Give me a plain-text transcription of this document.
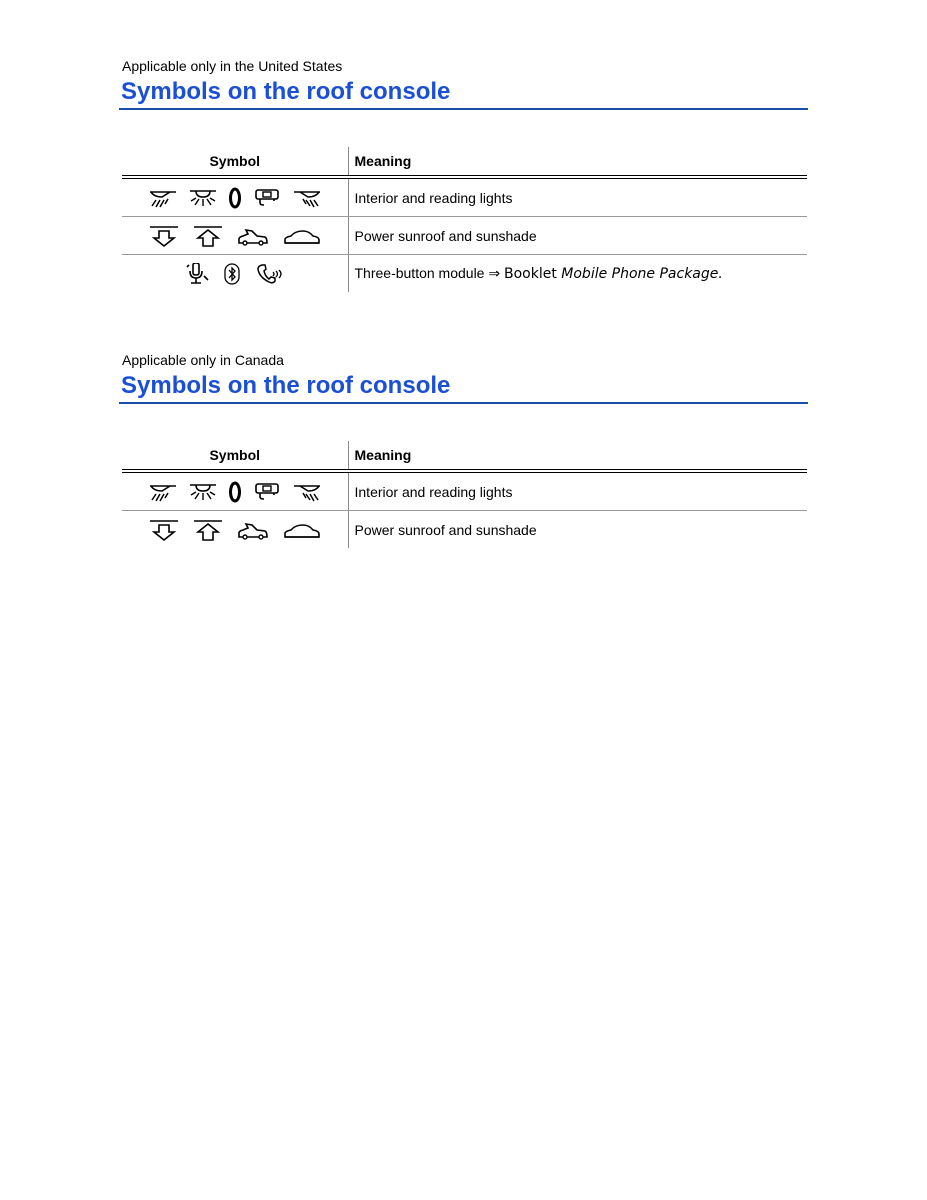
Applicable only in the United States
Symbols on the roof console
Symbol	Meaning

	Interior and reading lights

	Power sunroof and sunshade

	Three-button module ⇒ Booklet Mobile Phone Package.
Applicable only in Canada
Symbols on the roof console
Symbol	Meaning

	Interior and reading lights

	Power sunroof and sunshade
